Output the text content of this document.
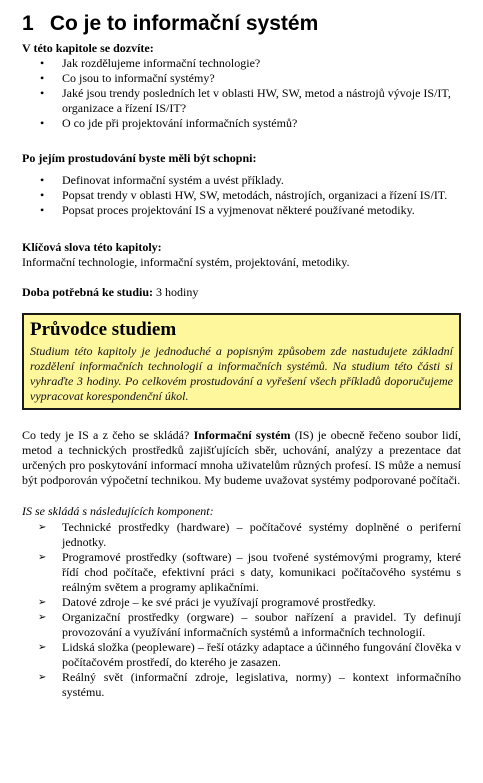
1 Co je to informační systém
V této kapitole se dozvíte:
• Jak rozdělujeme informační technologie?
• Co jsou to informační systémy?
• Jaké jsou trendy posledních let v oblasti HW, SW, metod a nástrojů vývoje IS/IT, organizace a řízení IS/IT?
• O co jde při projektování informačních systémů?
Po jejím prostudování byste měli být schopni:
• Definovat informační systém a uvést příklady.
• Popsat trendy v oblasti HW, SW, metodách, nástrojích, organizaci a řízení IS/IT.
• Popsat proces projektování IS a vyjmenovat některé používané metodiky.
Klíčová slova této kapitoly:
Informační technologie, informační systém, projektování, metodiky.
Doba potřebná ke studiu: 3 hodiny
Průvodce studiem

Studium této kapitoly je jednoduché a popisným způsobem zde nastudujete základní rozdělení informačních technologií a informačních systémů. Na studium této části si vyhraďte 3 hodiny. Po celkovém prostudování a vyřešení všech příkladů doporučujeme vypracovat korespondenční úkol.

Co tedy je IS a z čeho se skládá? Informační systém (IS) je obecně řečeno soubor lidí, metod a technických prostředků zajišťujících sběr, uchování, analýzy a prezentace dat určených pro poskytování informací mnoha uživatelům různých profesí. IS může a nemusí být podporován výpočetní technikou. My budeme uvažovat systémy podporované počítači.

IS se skládá s následujících komponent:
➢ Technické prostředky (hardware) – počítačové systémy doplněné o periferní jednotky.
➢ Programové prostředky (software) – jsou tvořené systémovými programy, které řídí chod počítače, efektivní práci s daty, komunikaci počítačového systému s reálným světem a programy aplikačními.
➢ Datové zdroje – ke své práci je využívají programové prostředky.
➢ Organizační prostředky (orgware) – soubor nařízení a pravidel. Ty definují provozování a využívání informačních systémů a informačních technologií.
➢ Lidská složka (peopleware) – řeší otázky adaptace a účinného fungování člověka v počítačovém prostředí, do kterého je zasazen.
➢ Reálný svět (informační zdroje, legislativa, normy) – kontext informačního systému.
